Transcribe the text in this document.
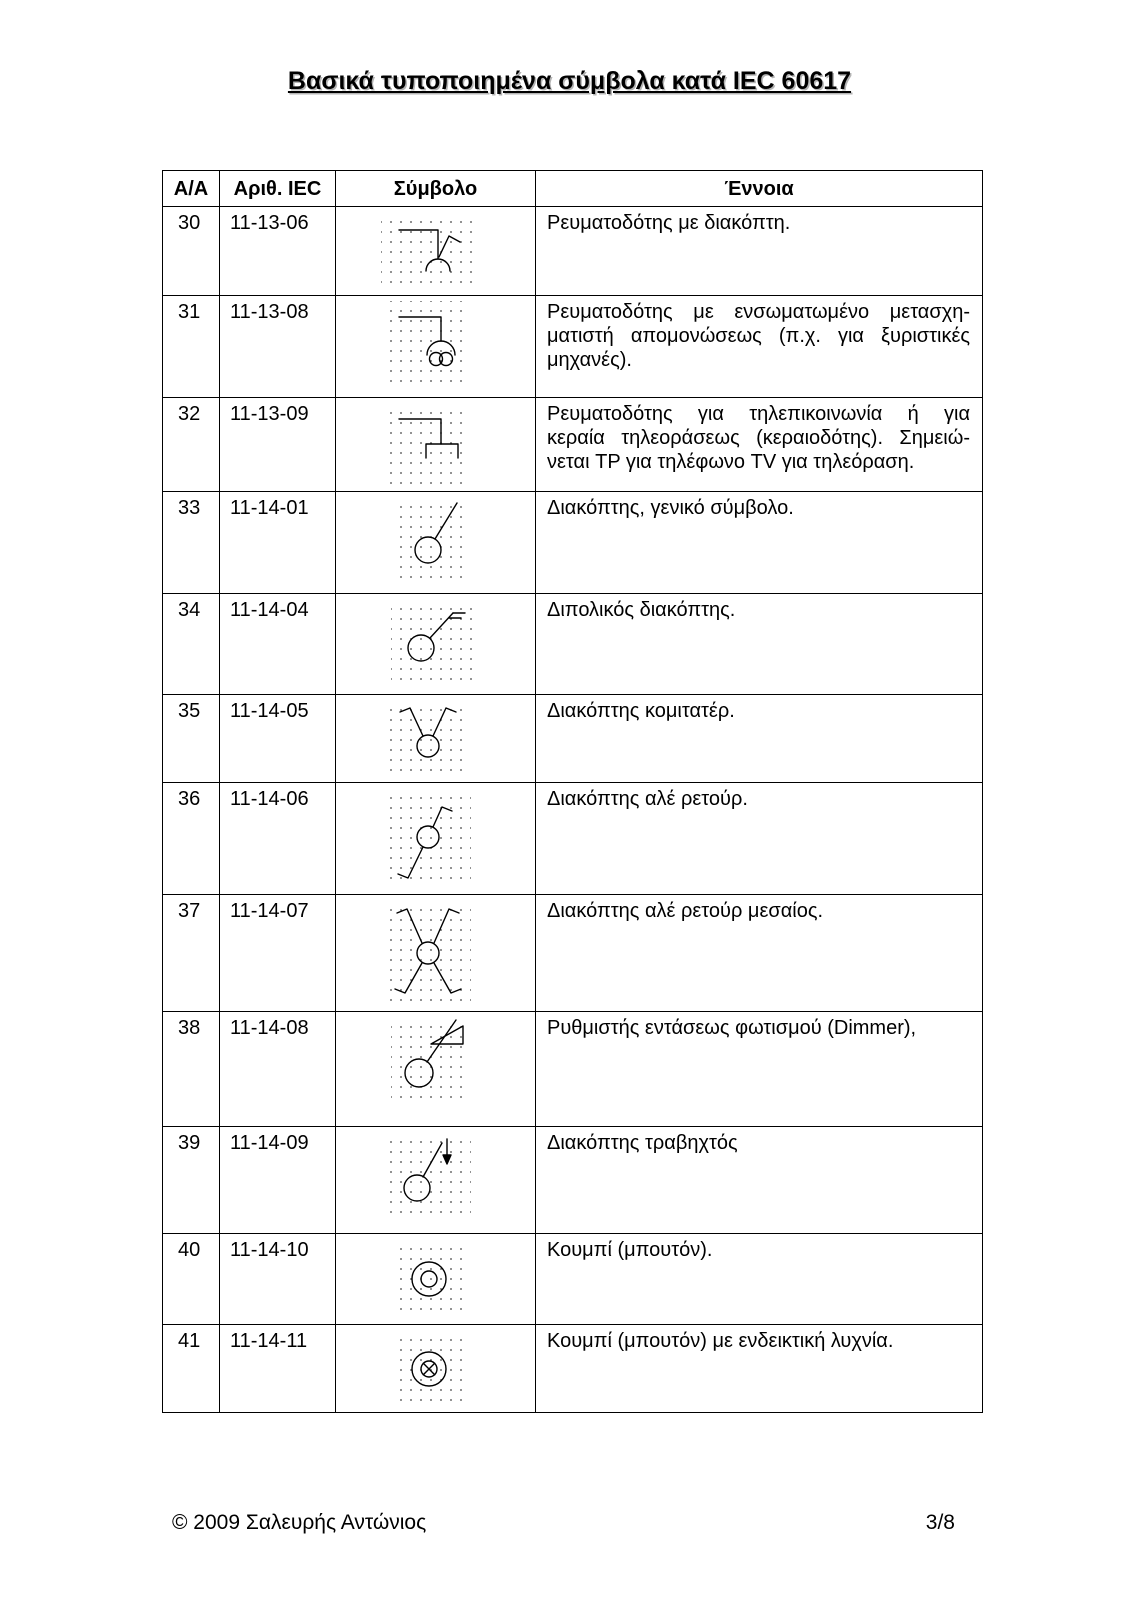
Βασικά τυποποιημένα σύμβολα κατά IEC 60617
Α/Α	Αριθ. IEC	Σύμβολο	Έννοια
30	11-13-06		Ρευματοδότης με διακόπτη.

31	11-13-08		Ρευματοδότης με ενσωματωμένο μετασχη-
ματιστή απομονώσεως (π.χ. για ξυριστικές
μηχανές).

32	11-13-09		Ρευματοδότης για τηλεπικοινωνία ή για
κεραία τηλεοράσεως (κεραιοδότης). Σημειώ-
νεται TP για τηλέφωνο TV για τηλεόραση.

33	11-14-01		Διακόπτης, γενικό σύμβολο.

34	11-14-04		Διπολικός διακόπτης.

35	11-14-05		Διακόπτης κομιτατέρ.

36	11-14-06		Διακόπτης αλέ ρετούρ.

37	11-14-07		Διακόπτης αλέ ρετούρ μεσαίος.

38	11-14-08		Ρυθμιστής εντάσεως φωτισμού (Dimmer),

39	11-14-09		Διακόπτης τραβηχτός

40	11-14-10		Κουμπί (μπουτόν).

41	11-14-11		Κουμπί (μπουτόν) με ενδεικτική λυχνία.
© 2009 Σαλευρής Αντώνιος	3/8
